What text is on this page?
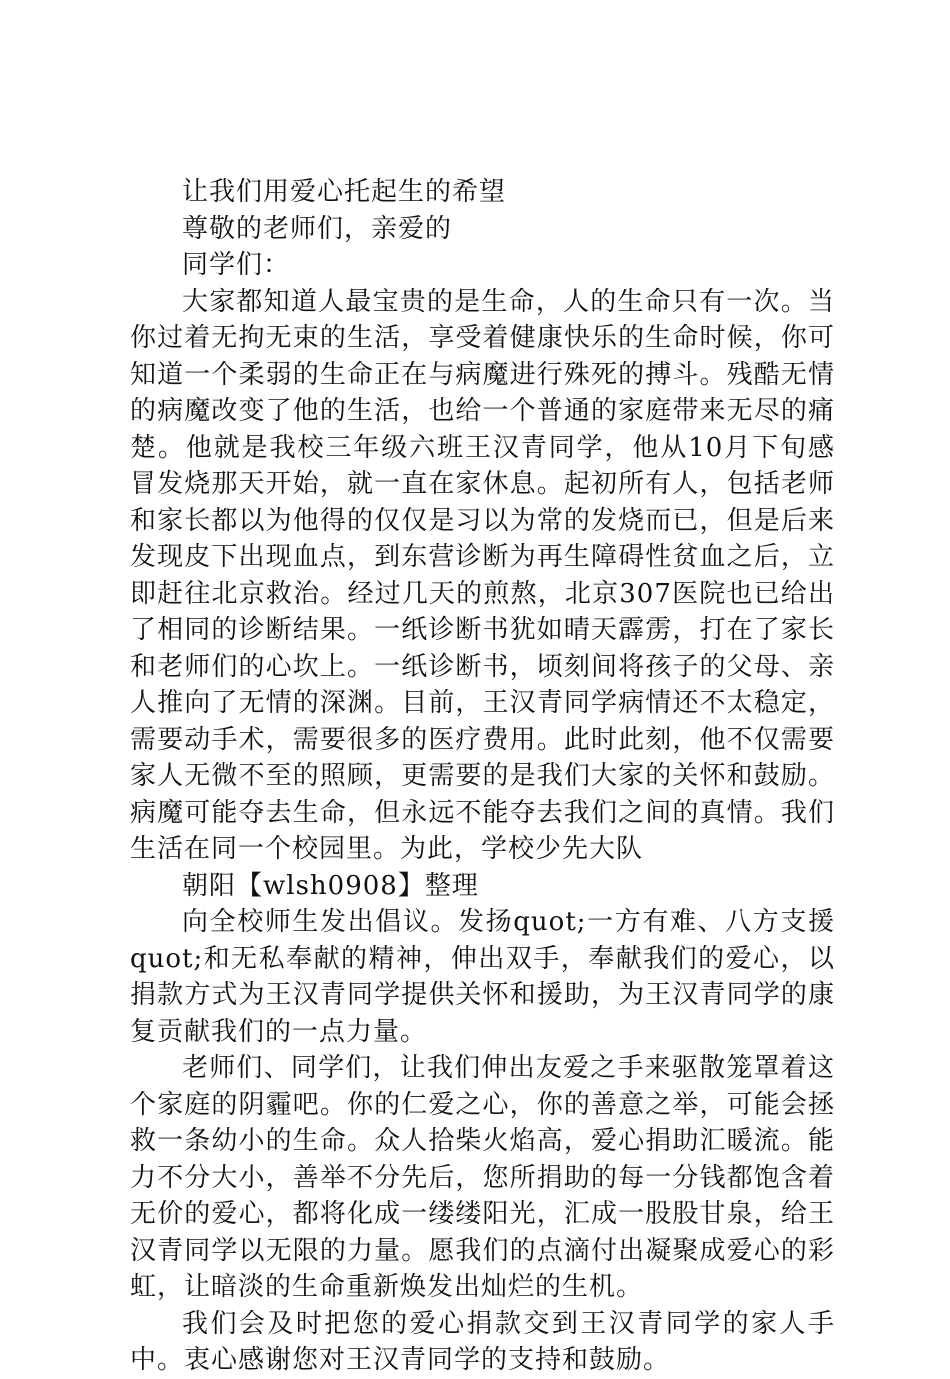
让我们用爱心托起生的希望

尊敬的老师们，亲爱的

同学们：

大家都知道人最宝贵的是生命，人的生命只有一次。当你过着无拘无束的生活，享受着健康快乐的生命时候，你可知道一个柔弱的生命正在与病魔进行殊死的搏斗。残酷无情的病魔改变了他的生活，也给一个普通的家庭带来无尽的痛楚。他就是我校三年级六班王汉青同学，他从10月下旬感冒发烧那天开始，就一直在家休息。起初所有人，包括老师和家长都以为他得的仅仅是习以为常的发烧而已，但是后来发现皮下出现血点，到东营诊断为再生障碍性贫血之后，立即赶往北京救治。经过几天的煎熬，北京307医院也已给出了相同的诊断结果。一纸诊断书犹如晴天霹雳，打在了家长和老师们的心坎上。一纸诊断书，顷刻间将孩子的父母、亲人推向了无情的深渊。目前，王汉青同学病情还不太稳定，需要动手术，需要很多的医疗费用。此时此刻，他不仅需要家人无微不至的照顾，更需要的是我们大家的关怀和鼓励。病魔可能夺去生命，但永远不能夺去我们之间的真情。我们生活在同一个校园里。为此，学校少先大队

朝阳【wlsh0908】整理

向全校师生发出倡议。发扬quot;一方有难、八方支援quot;和无私奉献的精神，伸出双手，奉献我们的爱心，以捐款方式为王汉青同学提供关怀和援助，为王汉青同学的康复贡献我们的一点力量。

老师们、同学们，让我们伸出友爱之手来驱散笼罩着这个家庭的阴霾吧。你的仁爱之心，你的善意之举，可能会拯救一条幼小的生命。众人拾柴火焰高，爱心捐助汇暖流。能力不分大小，善举不分先后，您所捐助的每一分钱都饱含着无价的爱心，都将化成一缕缕阳光，汇成一股股甘泉，给王汉青同学以无限的力量。愿我们的点滴付出凝聚成爱心的彩虹，让暗淡的生命重新焕发出灿烂的生机。

我们会及时把您的爱心捐款交到王汉青同学的家人手中。衷心感谢您对王汉青同学的支持和鼓励。
